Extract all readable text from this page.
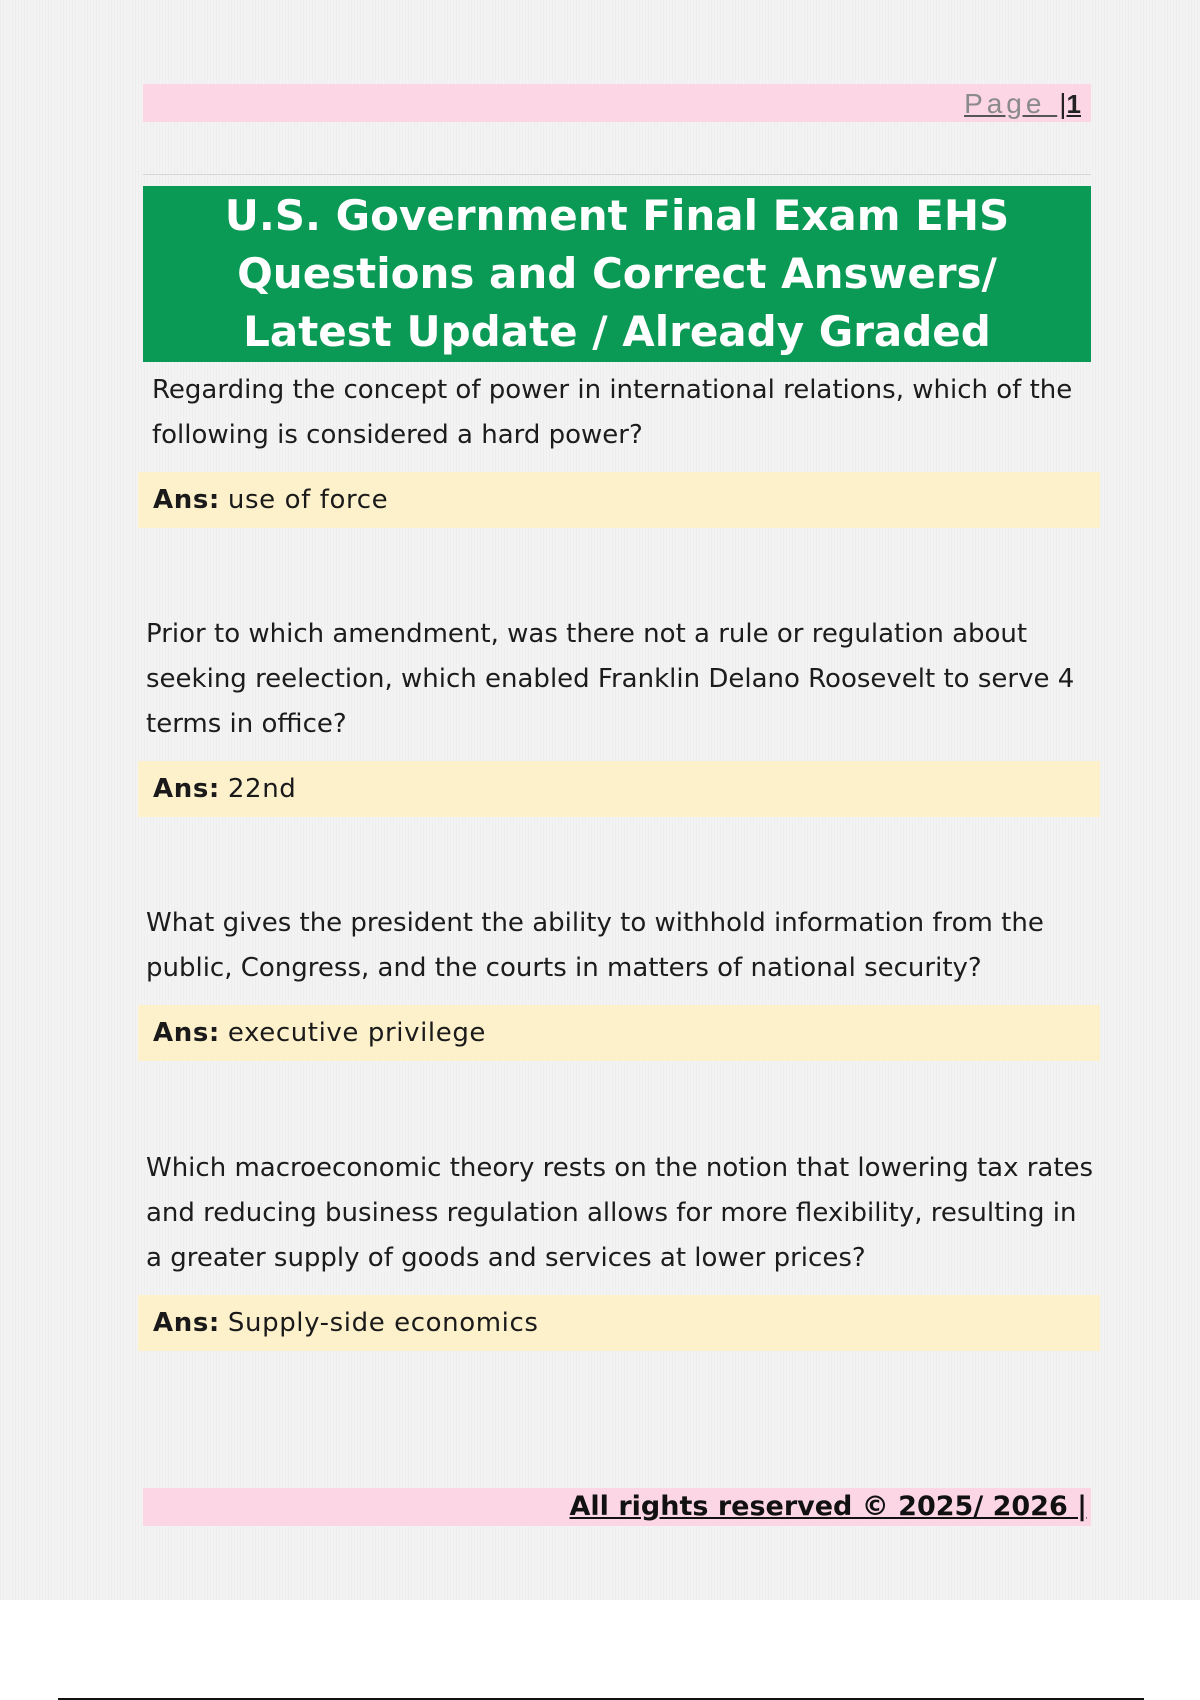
Page |1
U.S. Government Final Exam EHS Questions and Correct Answers/ Latest Update / Already Graded

Regarding the concept of power in international relations, which of the following is considered a hard power?

Ans: use of force

Prior to which amendment, was there not a rule or regulation about seeking reelection, which enabled Franklin Delano Roosevelt to serve 4 terms in office?

Ans: 22nd

What gives the president the ability to withhold information from the public, Congress, and the courts in matters of national security?

Ans: executive privilege

Which macroeconomic theory rests on the notion that lowering tax rates and reducing business regulation allows for more flexibility, resulting in a greater supply of goods and services at lower prices?

Ans: Supply-side economics
All rights reserved © 2025/ 2026 |
